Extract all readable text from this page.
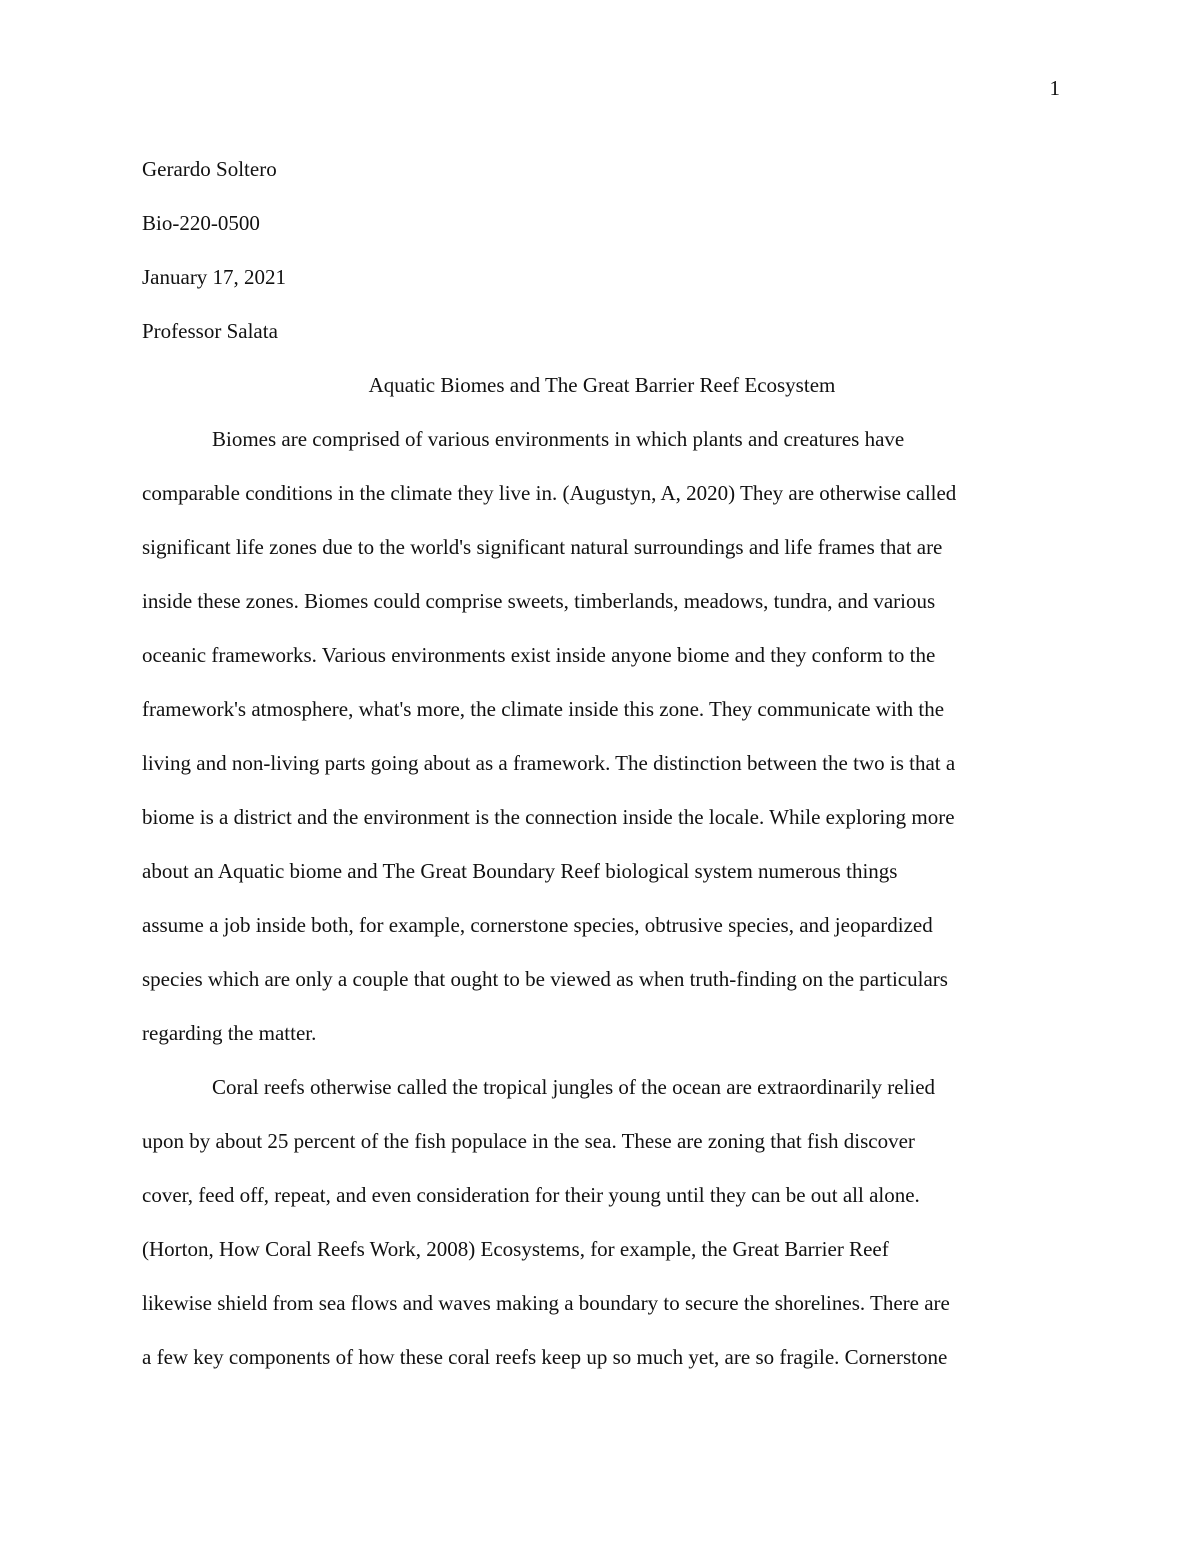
1
Gerardo Soltero
Bio-220-0500
January 17, 2021
Professor Salata
Aquatic Biomes and The Great Barrier Reef Ecosystem
Biomes are comprised of various environments in which plants and creatures have
comparable conditions in the climate they live in. (Augustyn, A, 2020) They are otherwise called
significant life zones due to the world's significant natural surroundings and life frames that are
inside these zones. Biomes could comprise sweets, timberlands, meadows, tundra, and various
oceanic frameworks. Various environments exist inside anyone biome and they conform to the
framework's atmosphere, what's more, the climate inside this zone. They communicate with the
living and non-living parts going about as a framework. The distinction between the two is that a
biome is a district and the environment is the connection inside the locale. While exploring more
about an Aquatic biome and The Great Boundary Reef biological system numerous things
assume a job inside both, for example, cornerstone species, obtrusive species, and jeopardized
species which are only a couple that ought to be viewed as when truth-finding on the particulars
regarding the matter.
Coral reefs otherwise called the tropical jungles of the ocean are extraordinarily relied
upon by about 25 percent of the fish populace in the sea. These are zoning that fish discover
cover, feed off, repeat, and even consideration for their young until they can be out all alone.
(Horton, How Coral Reefs Work, 2008) Ecosystems, for example, the Great Barrier Reef
likewise shield from sea flows and waves making a boundary to secure the shorelines. There are
a few key components of how these coral reefs keep up so much yet, are so fragile. Cornerstone
